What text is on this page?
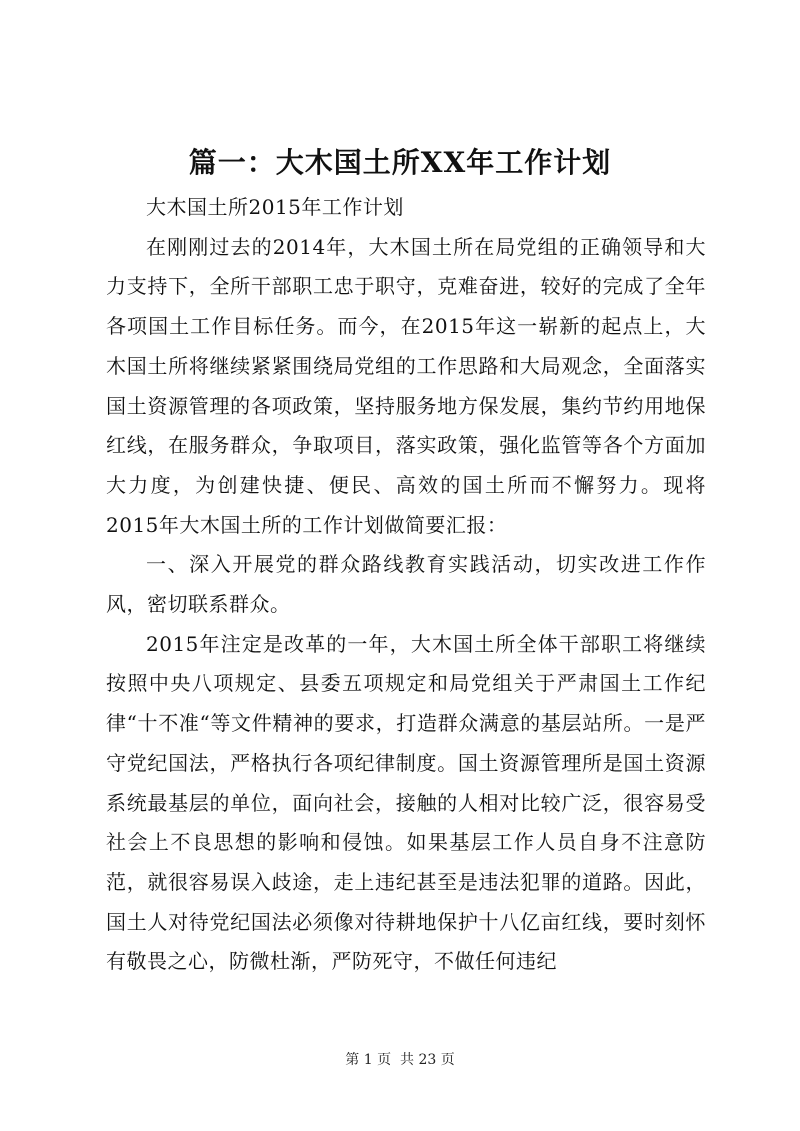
篇一：大木国土所XX年工作计划

大木国土所2015年工作计划

在刚刚过去的2014年，大木国土所在局党组的正确领导和大力支持下，全所干部职工忠于职守，克难奋进，较好的完成了全年各项国土工作目标任务。而今，在2015年这一崭新的起点上，大木国土所将继续紧紧围绕局党组的工作思路和大局观念，全面落实国土资源管理的各项政策，坚持服务地方保发展，集约节约用地保红线，在服务群众，争取项目，落实政策，强化监管等各个方面加大力度，为创建快捷、便民、高效的国土所而不懈努力。现将2015年大木国土所的工作计划做简要汇报：

一、深入开展党的群众路线教育实践活动，切实改进工作作风，密切联系群众。

2015年注定是改革的一年，大木国土所全体干部职工将继续按照中央八项规定、县委五项规定和局党组关于严肃国土工作纪律“十不准“等文件精神的要求，打造群众满意的基层站所。一是严守党纪国法，严格执行各项纪律制度。国土资源管理所是国土资源系统最基层的单位，面向社会，接触的人相对比较广泛，很容易受社会上不良思想的影响和侵蚀。如果基层工作人员自身不注意防范，就很容易误入歧途，走上违纪甚至是违法犯罪的道路。因此，国土人对待党纪国法必须像对待耕地保护十八亿亩红线，要时刻怀有敬畏之心，防微杜渐，严防死守，不做任何违纪

第 1 页  共 23 页
